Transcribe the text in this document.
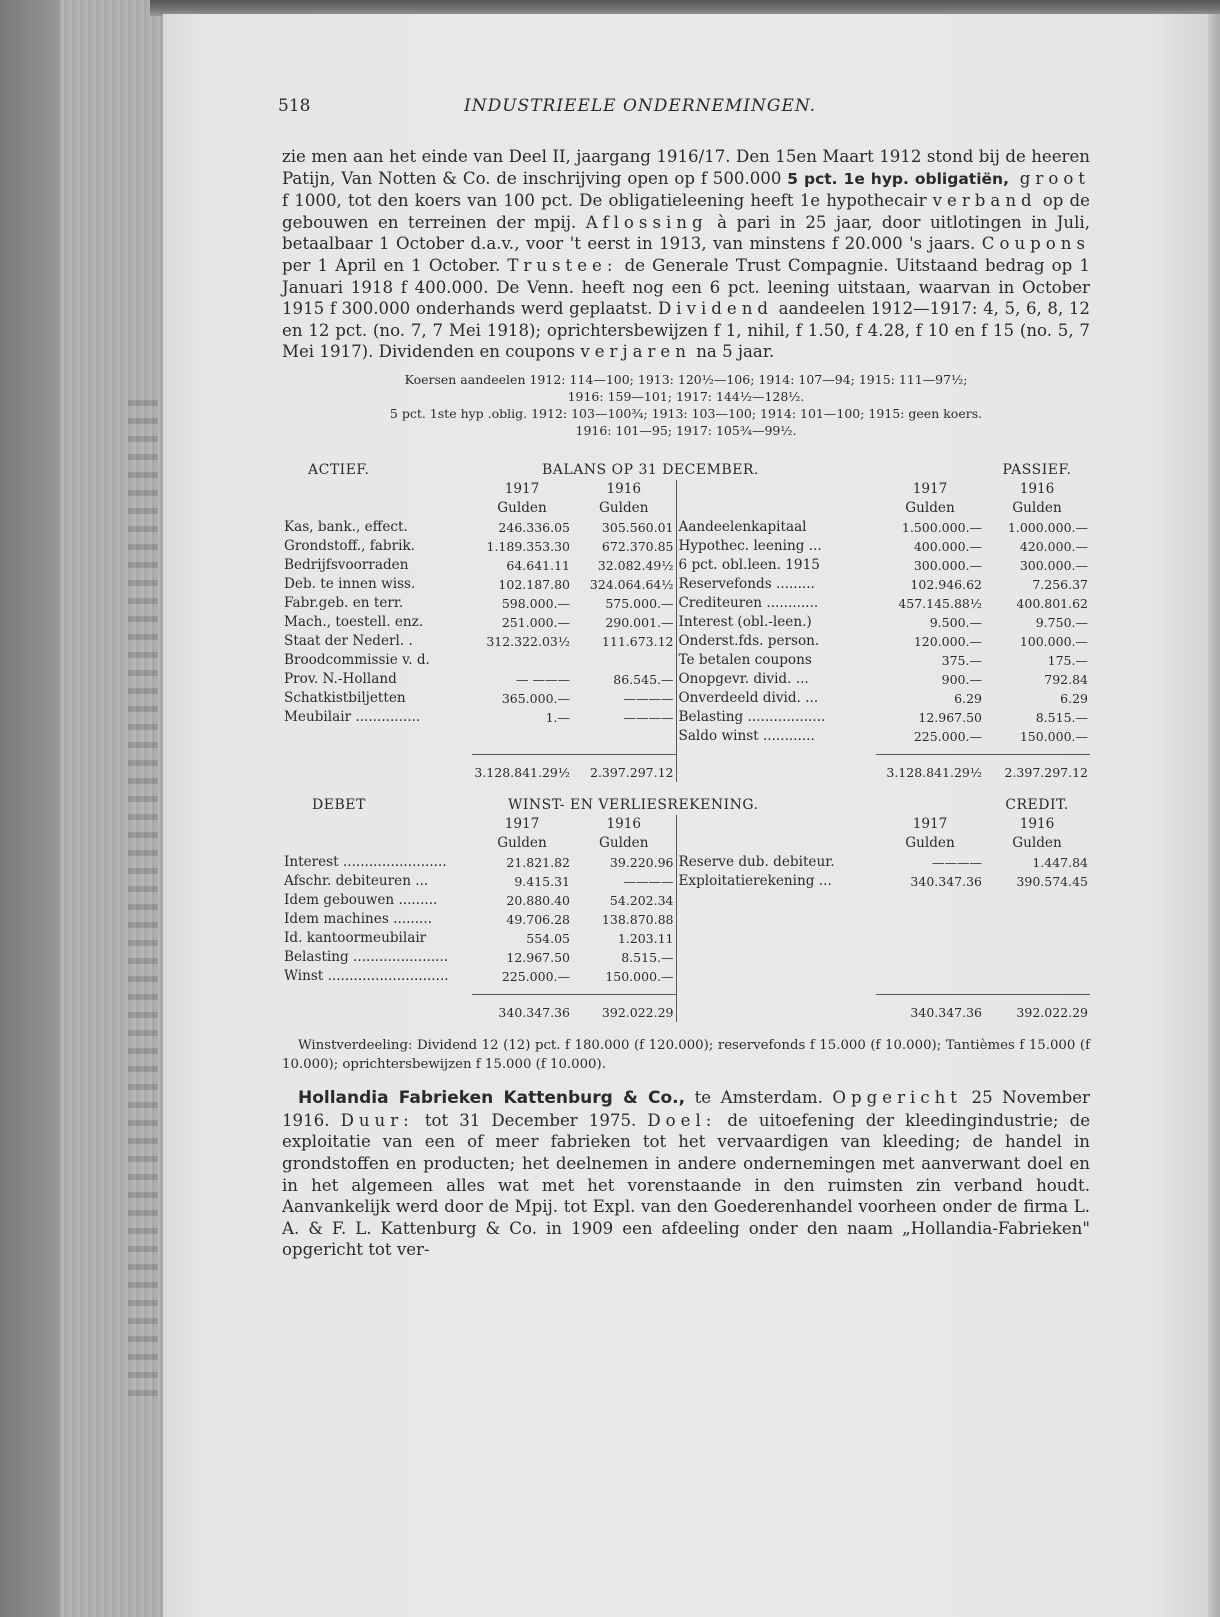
518	INDUSTRIEELE ONDERNEMINGEN.

zie men aan het einde van Deel II, jaargang 1916/17. Den 15en Maart 1912 stond bij de heeren Patijn, Van Notten & Co. de inschrijving open op f 500.000 5 pct. 1e hyp. obligatiën, groot f 1000, tot den koers van 100 pct. De obligatieleening heeft 1e hypothecair verband op de gebouwen en terreinen der mpij. Aflossing à pari in 25 jaar, door uitlotingen in Juli, betaalbaar 1 October d.a.v., voor 't eerst in 1913, van minstens f 20.000 's jaars. Coupons per 1 April en 1 October. Trustee: de Generale Trust Compagnie. Uitstaand bedrag op 1 Januari 1918 f 400.000. De Venn. heeft nog een 6 pct. leening uitstaan, waarvan in October 1915 f 300.000 onderhands werd geplaatst. Dividend aandeelen 1912—1917: 4, 5, 6, 8, 12 en 12 pct. (no. 7, 7 Mei 1918); oprichtersbewijzen f 1, nihil, f 1.50, f 4.28, f 10 en f 15 (no. 5, 7 Mei 1917). Dividenden en coupons verjaren na 5 jaar.

Koersen aandeelen 1912: 114—100; 1913: 120½—106; 1914: 107—94; 1915: 111—97½;
1916: 159—101; 1917: 144½—128½.
5 pct. 1ste hyp .oblig. 1912: 103—100¾; 1913: 103—100; 1914: 101—100; 1915: geen koers.
1916: 101—95; 1917: 105¾—99½.
ACTIEF.	BALANS OP 31 DECEMBER.				PASSIEF.
	1917	1916		1917	1916
	Gulden	Gulden		Gulden	Gulden
Kas, bank., effect.	246.336.05	305.560.01	Aandeelenkapitaal	1.500.000.—	1.000.000.—
Grondstoff., fabrik.	1.189.353.30	672.370.85	Hypothec. leening ...	400.000.—	420.000.—
Bedrijfsvoorraden	64.641.11	32.082.49½	6 pct. obl.leen. 1915	300.000.—	300.000.—
Deb. te innen wiss.	102.187.80	324.064.64½	Reservefonds .........	102.946.62	7.256.37
Fabr.geb. en terr.	598.000.—	575.000.—	Crediteuren ............	457.145.88½	400.801.62
Mach., toestell. enz.	251.000.—	290.001.—	Interest (obl.-leen.)	9.500.—	9.750.—
Staat der Nederl. .	312.322.03½	111.673.12	Onderst.fds. person.	120.000.—	100.000.—
Broodcommissie v. d.			Te betalen coupons	375.—	175.—
Prov. N.-Holland	— ———	86.545.—	Onopgevr. divid. ...	900.—	792.84
Schatkistbiljetten	365.000.—	————	Onverdeeld divid. ...	6.29	6.29
Meubilair ...............	1.—	————	Belasting ..................	12.967.50	8.515.—
			Saldo winst ............	225.000.—	150.000.—

	3.128.841.29½	2.397.297.12		3.128.841.29½	2.397.297.12
DEBET	WINST- EN VERLIESREKENING.				CREDIT.
	1917	1916		1917	1916
	Gulden	Gulden		Gulden	Gulden
Interest ........................	21.821.82	39.220.96	Reserve dub. debiteur.	————	1.447.84
Afschr. debiteuren ...	9.415.31	————	Exploitatierekening ...	340.347.36	390.574.45
Idem gebouwen .........	20.880.40	54.202.34			
Idem machines .........	49.706.28	138.870.88			
Id. kantoormeubilair	554.05	1.203.11			
Belasting ......................	12.967.50	8.515.—			
Winst ............................	225.000.—	150.000.—			

	340.347.36	392.022.29		340.347.36	392.022.29

Winstverdeeling: Dividend 12 (12) pct. f 180.000 (f 120.000); reservefonds f 15.000 (f 10.000); Tantièmes f 15.000 (f 10.000); oprichtersbewijzen f 15.000 (f 10.000).

Hollandia Fabrieken Kattenburg & Co., te Amsterdam. Opgericht 25 November 1916. Duur: tot 31 December 1975. Doel: de uitoefening der kleedingindustrie; de exploitatie van een of meer fabrieken tot het vervaardigen van kleeding; de handel in grondstoffen en producten; het deelnemen in andere ondernemingen met aanverwant doel en in het algemeen alles wat met het vorenstaande in den ruimsten zin verband houdt. Aanvankelijk werd door de Mpij. tot Expl. van den Goederenhandel voorheen onder de firma L. A. & F. L. Kattenburg & Co. in 1909 een afdeeling onder den naam „Hollandia-Fabrieken" opgericht tot ver-
